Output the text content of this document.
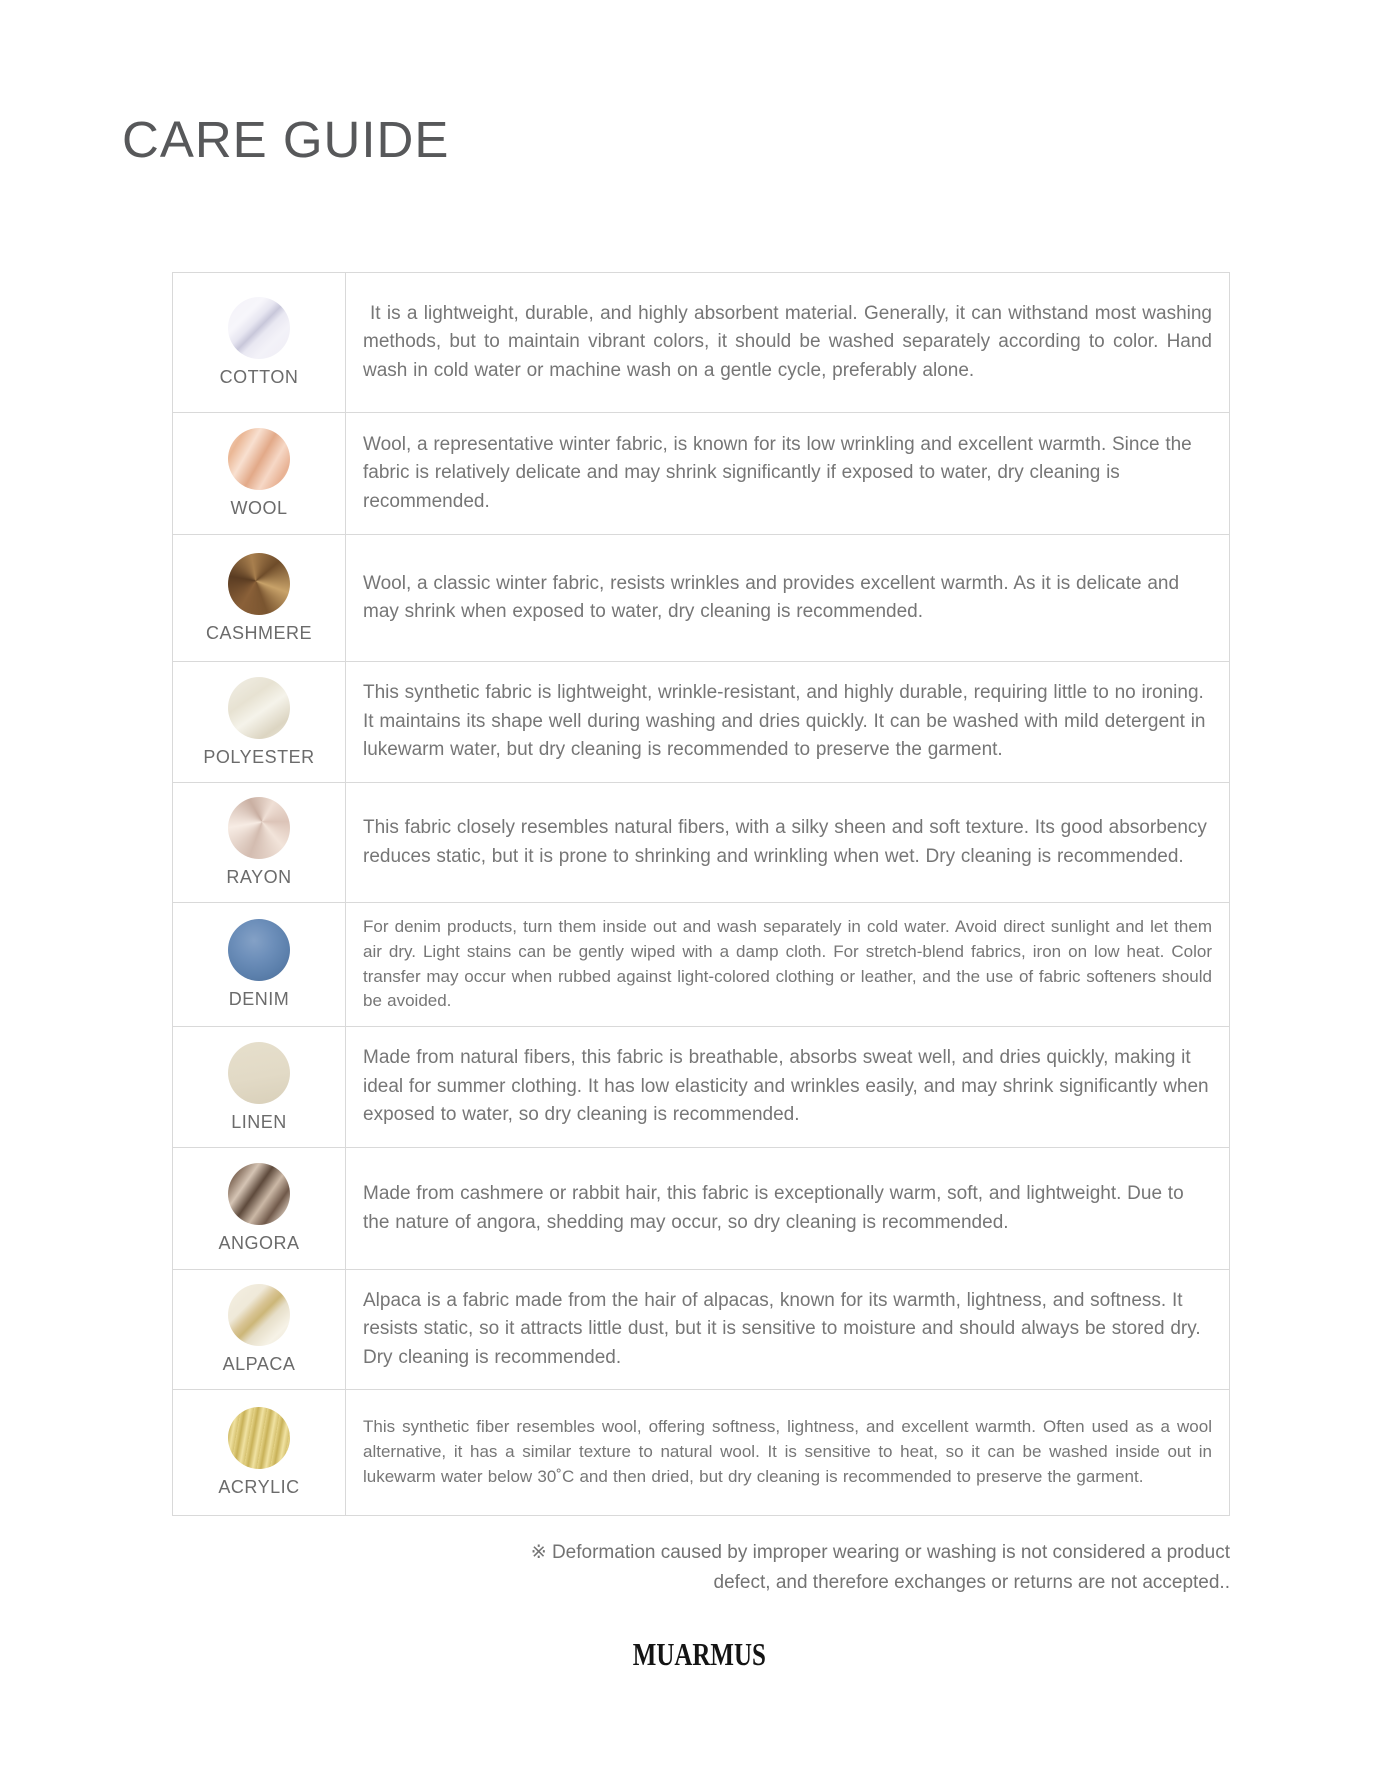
CARE GUIDE
COTTON

It is a lightweight, durable, and highly absorbent material. Generally, it can withstand most washing methods, but to maintain vibrant colors, it should be washed separately according to color. Hand wash in cold water or machine wash on a gentle cycle, preferably alone.

WOOL

Wool, a representative winter fabric, is known for its low wrinkling and excellent warmth. Since the fabric is relatively delicate and may shrink significantly if exposed to water, dry cleaning is recommended.

CASHMERE

Wool, a classic winter fabric, resists wrinkles and provides excellent warmth. As it is delicate and may shrink when exposed to water, dry cleaning is recommended.

POLYESTER

This synthetic fabric is lightweight, wrinkle-resistant, and highly durable, requiring little to no ironing. It maintains its shape well during washing and dries quickly. It can be washed with mild detergent in lukewarm water, but dry cleaning is recommended to preserve the garment.

RAYON

This fabric closely resembles natural fibers, with a silky sheen and soft texture. Its good absorbency reduces static, but it is prone to shrinking and wrinkling when wet. Dry cleaning is recommended.

DENIM

For denim products, turn them inside out and wash separately in cold water. Avoid direct sunlight and let them air dry. Light stains can be gently wiped with a damp cloth. For stretch-blend fabrics, iron on low heat. Color transfer may occur when rubbed against light-colored clothing or leather, and the use of fabric softeners should be avoided.

LINEN

Made from natural fibers, this fabric is breathable, absorbs sweat well, and dries quickly, making it ideal for summer clothing. It has low elasticity and wrinkles easily, and may shrink significantly when exposed to water, so dry cleaning is recommended.

ANGORA

Made from cashmere or rabbit hair, this fabric is exceptionally warm, soft, and lightweight. Due to the nature of angora, shedding may occur, so dry cleaning is recommended.

ALPACA

Alpaca is a fabric made from the hair of alpacas, known for its warmth, lightness, and softness. It resists static, so it attracts little dust, but it is sensitive to moisture and should always be stored dry. Dry cleaning is recommended.

ACRYLIC

This synthetic fiber resembles wool, offering softness, lightness, and excellent warmth. Often used as a wool alternative, it has a similar texture to natural wool. It is sensitive to heat, so it can be washed inside out in lukewarm water below 30˚C and then dried, but dry cleaning is recommended to preserve the garment.

※ Deformation caused by improper wearing or washing is not considered a product
defect, and therefore exchanges or returns are not accepted..
MUARMUS
